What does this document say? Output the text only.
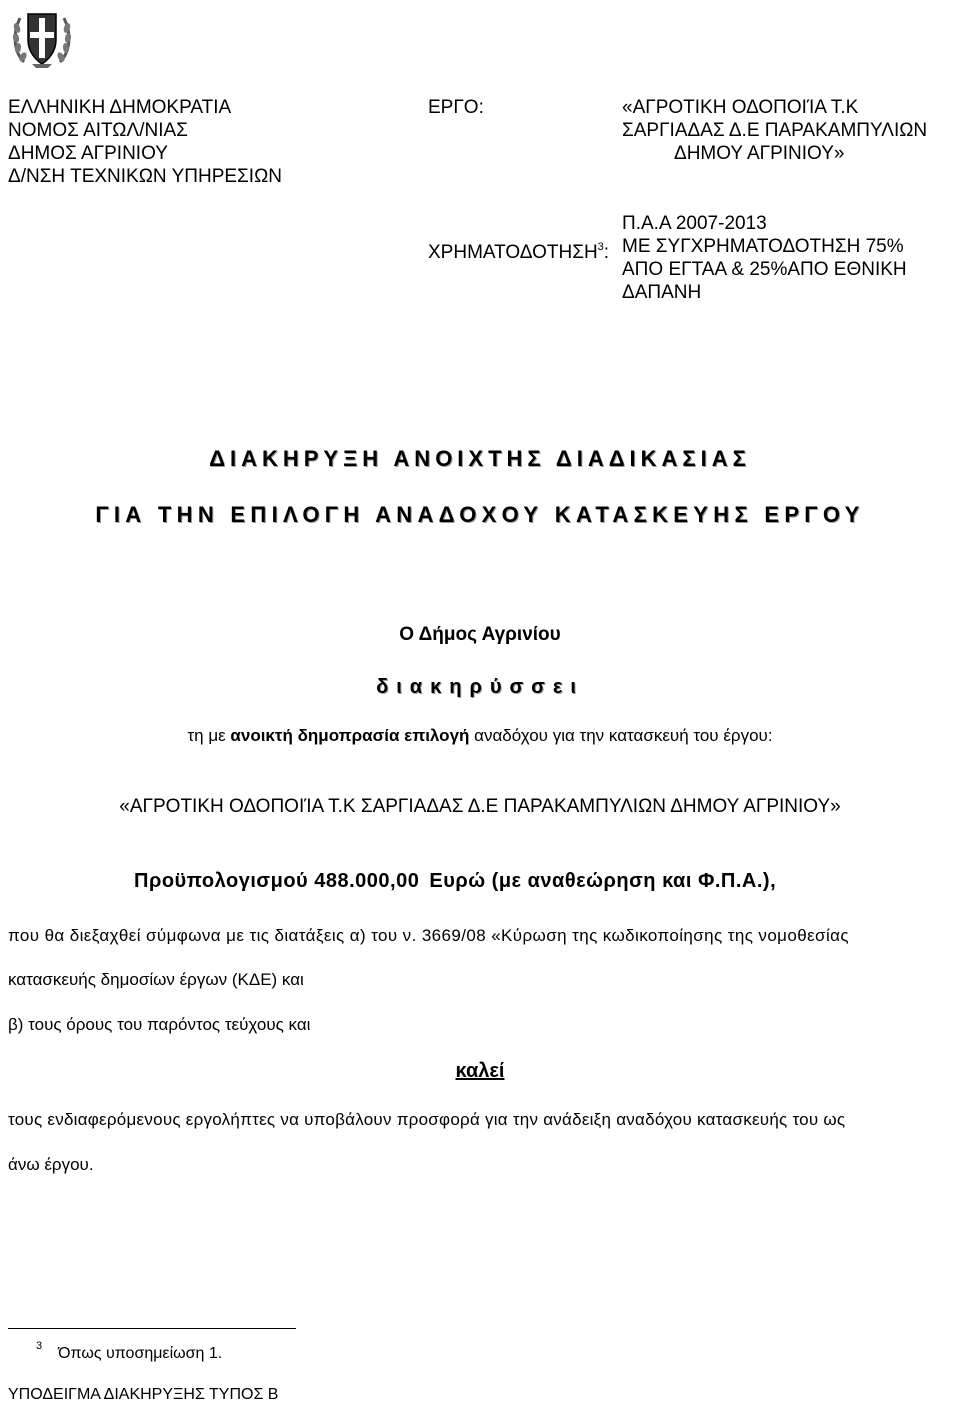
ΕΛΛΗΝΙΚΗ ΔΗΜΟΚΡΑΤΙΑ
ΝΟΜΟΣ ΑΙΤΩΛ/ΝΙΑΣ
ΔΗΜΟΣ ΑΓΡΙΝΙΟΥ
Δ/ΝΣΗ ΤΕΧΝΙΚΩΝ ΥΠΗΡΕΣΙΩΝ
ΕΡΓΟ:	«ΑΓΡΟΤΙΚΗ ΟΔΟΠΟΙΊΑ Τ.Κ
ΣΑΡΓΙΑΔΑΣ Δ.Ε ΠΑΡΑΚΑΜΠΥΛΙΩΝ
ΔΗΜΟΥ ΑΓΡΙΝΙΟΥ»
ΧΡΗΜΑΤΟΔΟΤΗΣΗ$^3$:
Π.Α.Α 2007-2013
ΜΕ ΣΥΓΧΡΗΜΑΤΟΔΟΤΗΣΗ 75%
ΑΠΟ ΕΓΤΑΑ & 25%ΑΠΟ ΕΘΝΙΚΗ
ΔΑΠΑΝΗ
ΔΙΑΚΗΡΥΞΗ ΑΝΟΙΧΤΗΣ ΔΙΑΔΙΚΑΣΙΑΣ
ΓΙΑ ΤΗΝ ΕΠΙΛΟΓΗ ΑΝΑΔΟΧΟΥ ΚΑΤΑΣΚΕΥΗΣ ΕΡΓΟΥ
Ο Δήμος Αγρινίου
διακηρύσσει
τη με ανοικτή δημοπρασία επιλογή αναδόχου για την κατασκευή του έργου:
«ΑΓΡΟΤΙΚΗ ΟΔΟΠΟΙΊΑ Τ.Κ ΣΑΡΓΙΑΔΑΣ Δ.Ε ΠΑΡΑΚΑΜΠΥΛΙΩΝ ΔΗΜΟΥ ΑΓΡΙΝΙΟΥ»
Προϋπολογισμού 488.000,00 Ευρώ (με αναθεώρηση και Φ.Π.Α.),
που θα διεξαχθεί σύμφωνα με τις διατάξεις α) του ν. 3669/08 «Κύρωση της κωδικοποίησης της νομοθεσίας
κατασκευής δημοσίων έργων (ΚΔΕ) και
β) τους όρους του παρόντος τεύχους και
καλεί
τους ενδιαφερόμενους εργολήπτες να υποβάλουν προσφορά για την ανάδειξη αναδόχου κατασκευής του ως
άνω έργου.
$^3$ Όπως υποσημείωση 1.
ΥΠΟΔΕΙΓΜΑ ΔΙΑΚΗΡΥΞΗΣ ΤΥΠΟΣ Β
